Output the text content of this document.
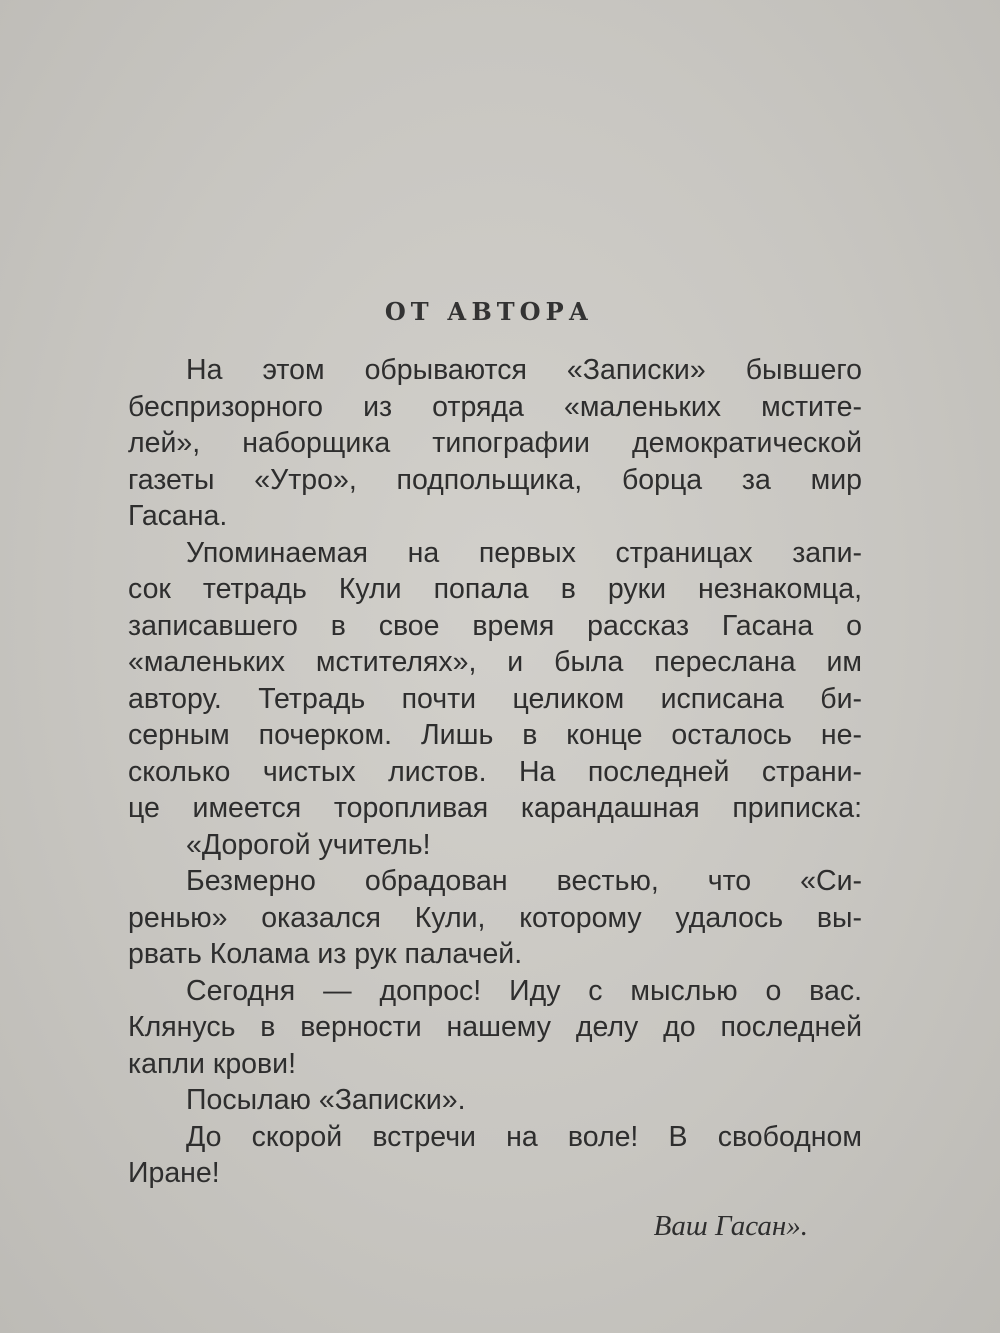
ОТ АВТОРА

На этом обрываются «Записки» бывшего
беспризорного из отряда «маленьких мстите-
лей», наборщика типографии демократической
газеты «Утро», подпольщика, борца за мир
Гасана.

Упоминаемая на первых страницах запи-
сок тетрадь Кули попала в руки незнакомца,
записавшего в свое время рассказ Гасана о
«маленьких мстителях», и была переслана им
автору. Тетрадь почти целиком исписана би-
серным почерком. Лишь в конце осталось не-
сколько чистых листов. На последней страни-
це имеется торопливая карандашная приписка:

«Дорогой учитель!

Безмерно обрадован вестью, что «Си-
ренью» оказался Кули, которому удалось вы-
рвать Колама из рук палачей.

Сегодня — допрос! Иду с мыслью о вас.
Клянусь в верности нашему делу до последней
капли крови!

Посылаю «Записки».

До скорой встречи на воле! В свободном
Иране!

Ваш Гасан».
